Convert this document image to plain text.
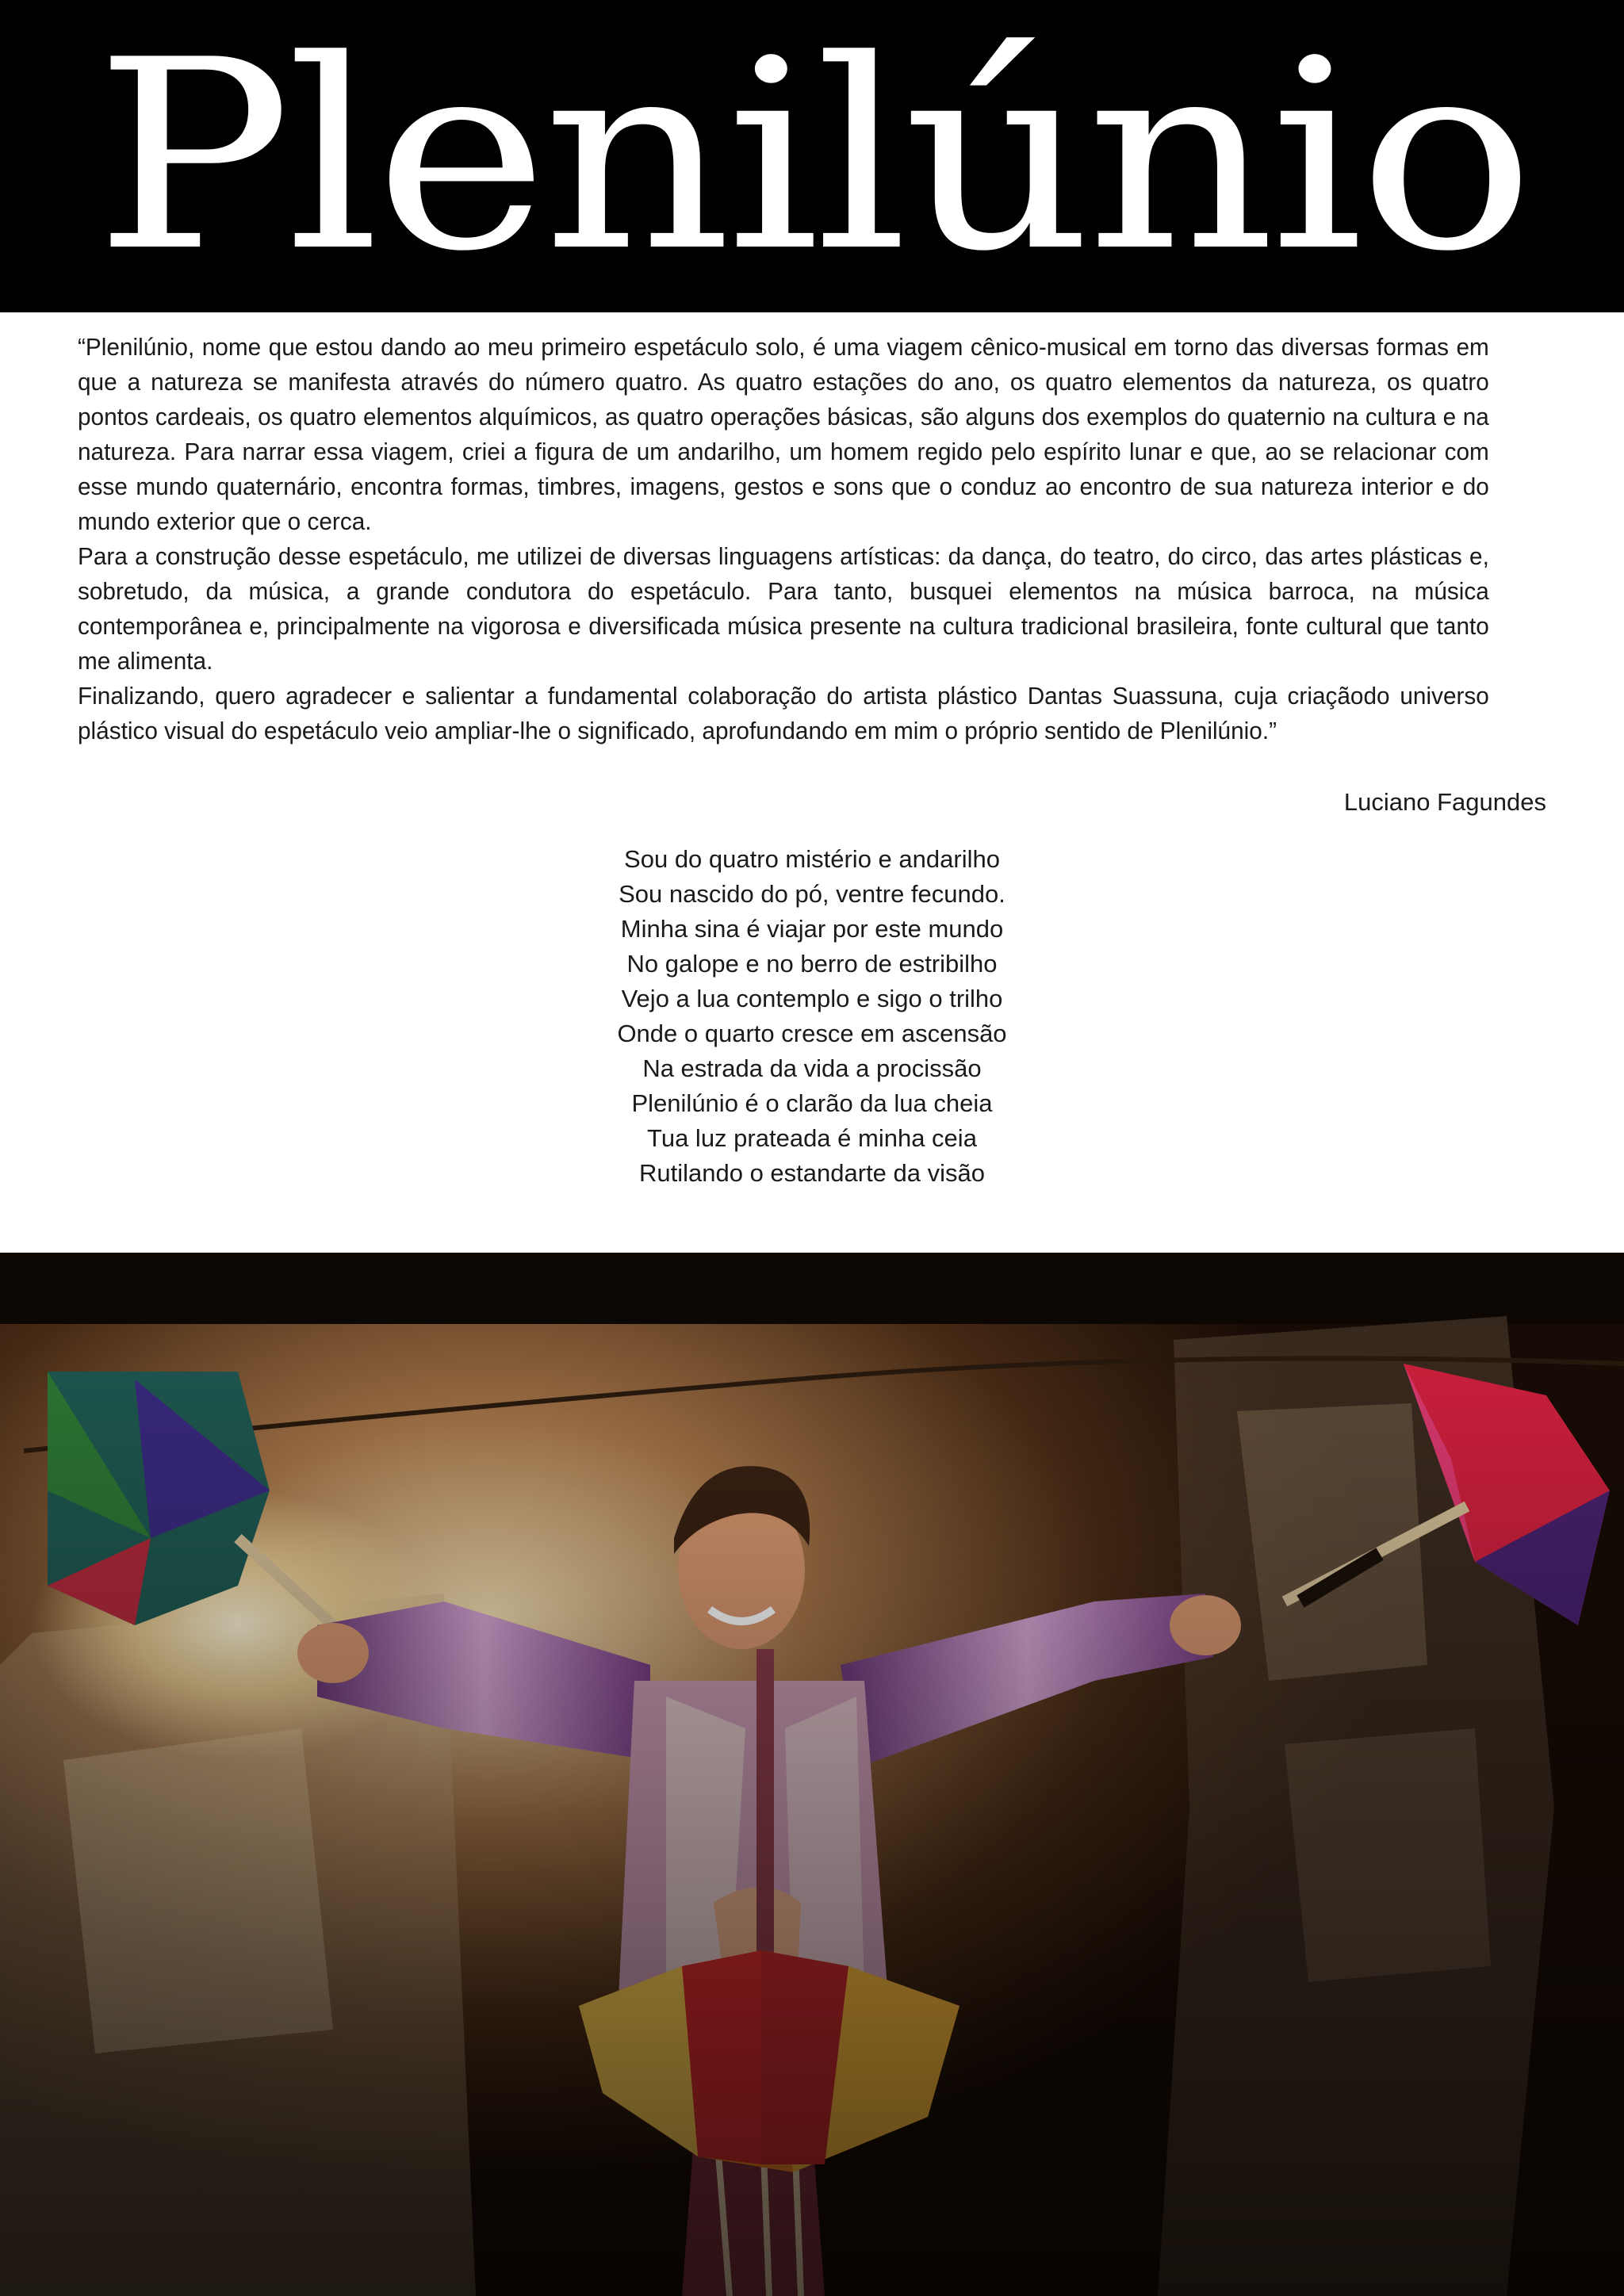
Plenilúnio

“Plenilúnio, nome que estou dando ao meu primeiro espetáculo solo, é uma viagem cênico-musical em torno das diversas formas em que a natureza se manifesta através do número quatro. As quatro estações do ano, os quatro elementos da natureza, os quatro pontos cardeais, os quatro elementos alquímicos, as quatro operações básicas, são alguns dos exemplos do quaternio na cultura e na natureza. Para narrar essa viagem, criei a figura de um andarilho, um homem regido pelo espírito lunar e que, ao se relacionar com esse mundo quaternário, encontra formas, timbres, imagens, gestos e sons que o conduz ao encontro de sua natureza interior e do mundo exterior que o cerca.

Para a construção desse espetáculo, me utilizei de diversas linguagens artísticas: da dança, do teatro, do circo, das artes plásticas e, sobretudo, da música, a grande condutora do espetáculo. Para tanto, busquei elementos na música barroca, na música contemporânea e, principalmente na vigorosa e diversificada música presente na cultura tradicional brasileira, fonte cultural que tanto me alimenta.

Finalizando, quero agradecer e salientar a fundamental colaboração do artista plástico Dantas Suassuna, cuja criaçãodo universo plástico visual do espetáculo veio ampliar-lhe o significado, aprofundando em mim o próprio sentido de Plenilúnio.”

Luciano Fagundes
Sou do quatro mistério e andarilho
Sou nascido do pó, ventre fecundo.
Minha sina é viajar por este mundo
No galope e no berro de estribilho
Vejo a lua contemplo e sigo o trilho
Onde o quarto cresce em ascensão
Na estrada da vida a procissão
Plenilúnio é o clarão da lua cheia
Tua luz prateada é minha ceia
Rutilando o estandarte da visão
